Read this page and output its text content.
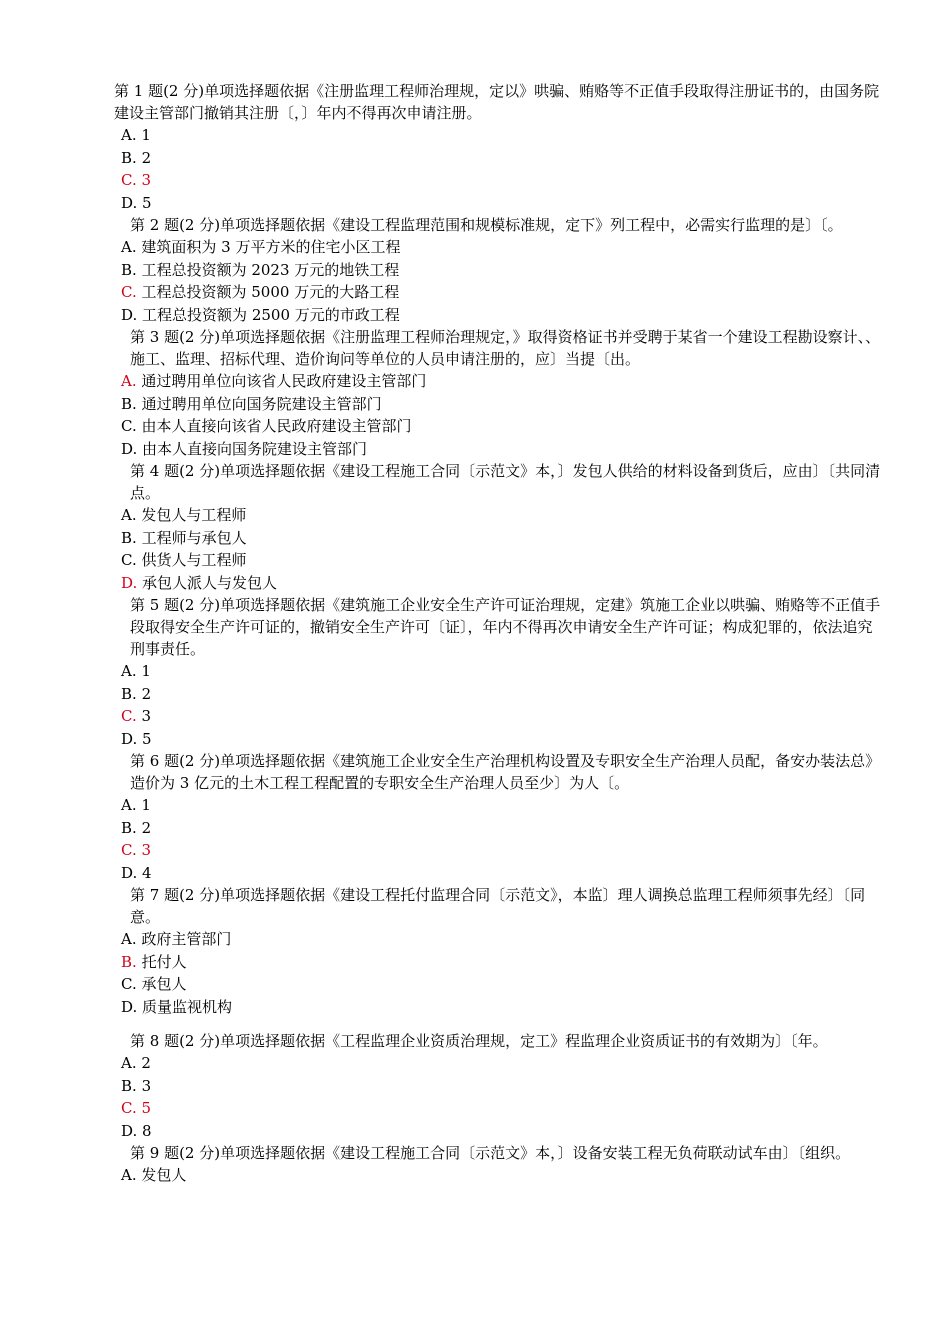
第 1 题(2 分)单项选择题依据《注册监理工程师治理规，定以》哄骗、贿赂等不正值手段取得注册证书的，由国务院建设主管部门撤销其注册〔，〕年内不得再次申请注册。

A. 1
B. 2
C. 3
D. 5

第 2 题(2 分)单项选择题依据《建设工程监理范围和规模标准规，定下》列工程中，必需实行监理的是〕〔。

A. 建筑面积为 3 万平方米的住宅小区工程
B. 工程总投资额为 2023 万元的地铁工程
C. 工程总投资额为 5000 万元的大路工程
D. 工程总投资额为 2500 万元的市政工程

第 3 题(2 分)单项选择题依据《注册监理工程师治理规定，》取得资格证书并受聘于某省一个建设工程勘设察计、、施工、监理、招标代理、造价询问等单位的人员申请注册的，应〕当提〔出。

A. 通过聘用单位向该省人民政府建设主管部门
B. 通过聘用单位向国务院建设主管部门
C. 由本人直接向该省人民政府建设主管部门
D. 由本人直接向国务院建设主管部门

第 4 题(2 分)单项选择题依据《建设工程施工合同〔示范文》本，〕发包人供给的材料设备到货后，应由〕〔共同清点。

A. 发包人与工程师
B. 工程师与承包人
C. 供货人与工程师
D. 承包人派人与发包人

第 5 题(2 分)单项选择题依据《建筑施工企业安全生产许可证治理规，定建》筑施工企业以哄骗、贿赂等不正值手段取得安全生产许可证的，撤销安全生产许可〔证〕，年内不得再次申请安全生产许可证；构成犯罪的，依法追究刑事责任。

A. 1
B. 2
C. 3
D. 5

第 6 题(2 分)单项选择题依据《建筑施工企业安全生产治理机构设置及专职安全生产治理人员配，备安办装法总》造价为 3 亿元的土木工程工程配置的专职安全生产治理人员至少〕为人〔。

A. 1
B. 2
C. 3
D. 4

第 7 题(2 分)单项选择题依据《建设工程托付监理合同〔示范文》，本监〕理人调换总监理工程师须事先经〕〔同意。

A. 政府主管部门
B. 托付人
C. 承包人
D. 质量监视机构

第 8 题(2 分)单项选择题依据《工程监理企业资质治理规，定工》程监理企业资质证书的有效期为〕〔年。

A. 2
B. 3
C. 5
D. 8

第 9 题(2 分)单项选择题依据《建设工程施工合同〔示范文》本，〕设备安装工程无负荷联动试车由〕〔组织。

A. 发包人
